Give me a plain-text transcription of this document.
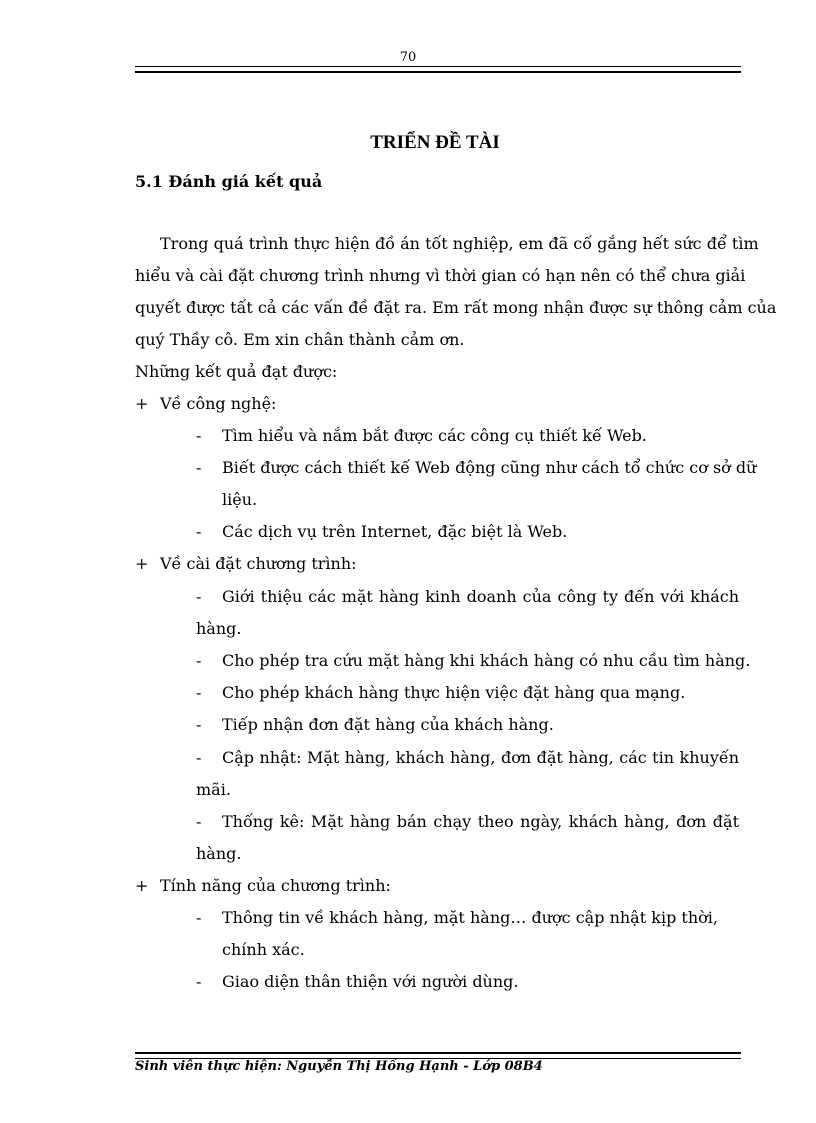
70
TRIỂN ĐỀ TÀI
5.1 Đánh giá kết quả
Trong quá trình thực hiện đồ án tốt nghiệp, em đã cố gắng hết sức để tìm
hiểu và cài đặt chương trình nhưng vì thời gian có hạn nên có thể chưa giải
quyết được tất cả các vấn đề đặt ra. Em rất mong nhận được sự thông cảm của
quý Thầy cô. Em xin chân thành cảm ơn.
Những kết quả đạt được:
+ Về công nghệ:
- Tìm hiểu và nắm bắt được các công cụ thiết kế Web.
- Biết được cách thiết kế Web động cũng như cách tổ chức cơ sở dữ
liệu.
- Các dịch vụ trên Internet, đặc biệt là Web.
+ Về cài đặt chương trình:
- Giới thiệu các mặt hàng kinh doanh của công ty đến với khách
hàng.
- Cho phép tra cứu mặt hàng khi khách hàng có nhu cầu tìm hàng.
- Cho phép khách hàng thực hiện việc đặt hàng qua mạng.
- Tiếp nhận đơn đặt hàng của khách hàng.
- Cập nhật: Mặt hàng, khách hàng, đơn đặt hàng, các tin khuyến
mãi.
- Thống kê: Mặt hàng bán chạy theo ngày, khách hàng, đơn đặt
hàng.
+ Tính năng của chương trình:
- Thông tin về khách hàng, mặt hàng… được cập nhật kịp thời,
chính xác.
- Giao diện thân thiện với người dùng.
Sinh viên thực hiện: Nguyễn Thị Hồng Hạnh - Lớp 08B4
